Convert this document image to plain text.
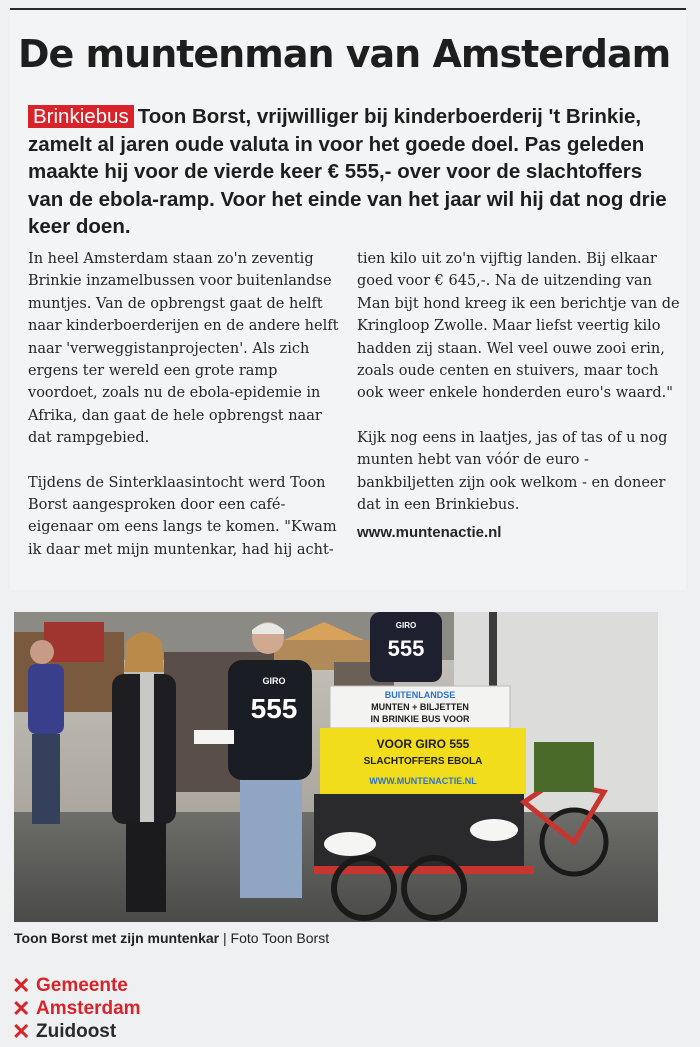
De muntenman van Amsterdam

Brinkiebus Toon Borst, vrijwilliger bij kinderboerderij 't Brinkie, zamelt al jaren oude valuta in voor het goede doel. Pas geleden maakte hij voor de vierde keer € 555,- over voor de slachtoffers van de ebola-ramp. Voor het einde van het jaar wil hij dat nog drie keer doen.

In heel Amsterdam staan zo'n zeventig Brinkie inzamelbussen voor buitenlandse muntjes. Van de opbrengst gaat de helft naar kinderboerderijen en de andere helft naar 'verweggistanprojecten'. Als zich ergens ter wereld een grote ramp voordoet, zoals nu de ebola-epidemie in Afrika, dan gaat de hele opbrengst naar dat rampgebied.

Tijdens de Sinterklaasintocht werd Toon Borst aangesproken door een café-eigenaar om eens langs te komen. "Kwam ik daar met mijn muntenkar, had hij acht-

tien kilo uit zo'n vijftig landen. Bij elkaar goed voor € 645,-. Na de uitzending van Man bijt hond kreeg ik een berichtje van de Kringloop Zwolle. Maar liefst veertig kilo hadden zij staan. Wel veel ouwe zooi erin, zoals oude centen en stuivers, maar toch ook weer enkele honderden euro's waard."

Kijk nog eens in laatjes, jas of tas of u nog munten hebt van vóór de euro - bankbiljetten zijn ook welkom - en doneer dat in een Brinkiebus.

www.muntenactie.nl
GIRO
555
GIRO
555
BUITENLANDSE
MUNTEN + BILJETTEN
IN BRINKIE BUS VOOR
VOOR GIRO 555
SLACHTOFFERS EBOLA
WWW.MUNTENACTIE.NL
Toon Borst met zijn muntenkar | Foto Toon Borst
✕ Gemeente
✕ Amsterdam
✕ Zuidoost
